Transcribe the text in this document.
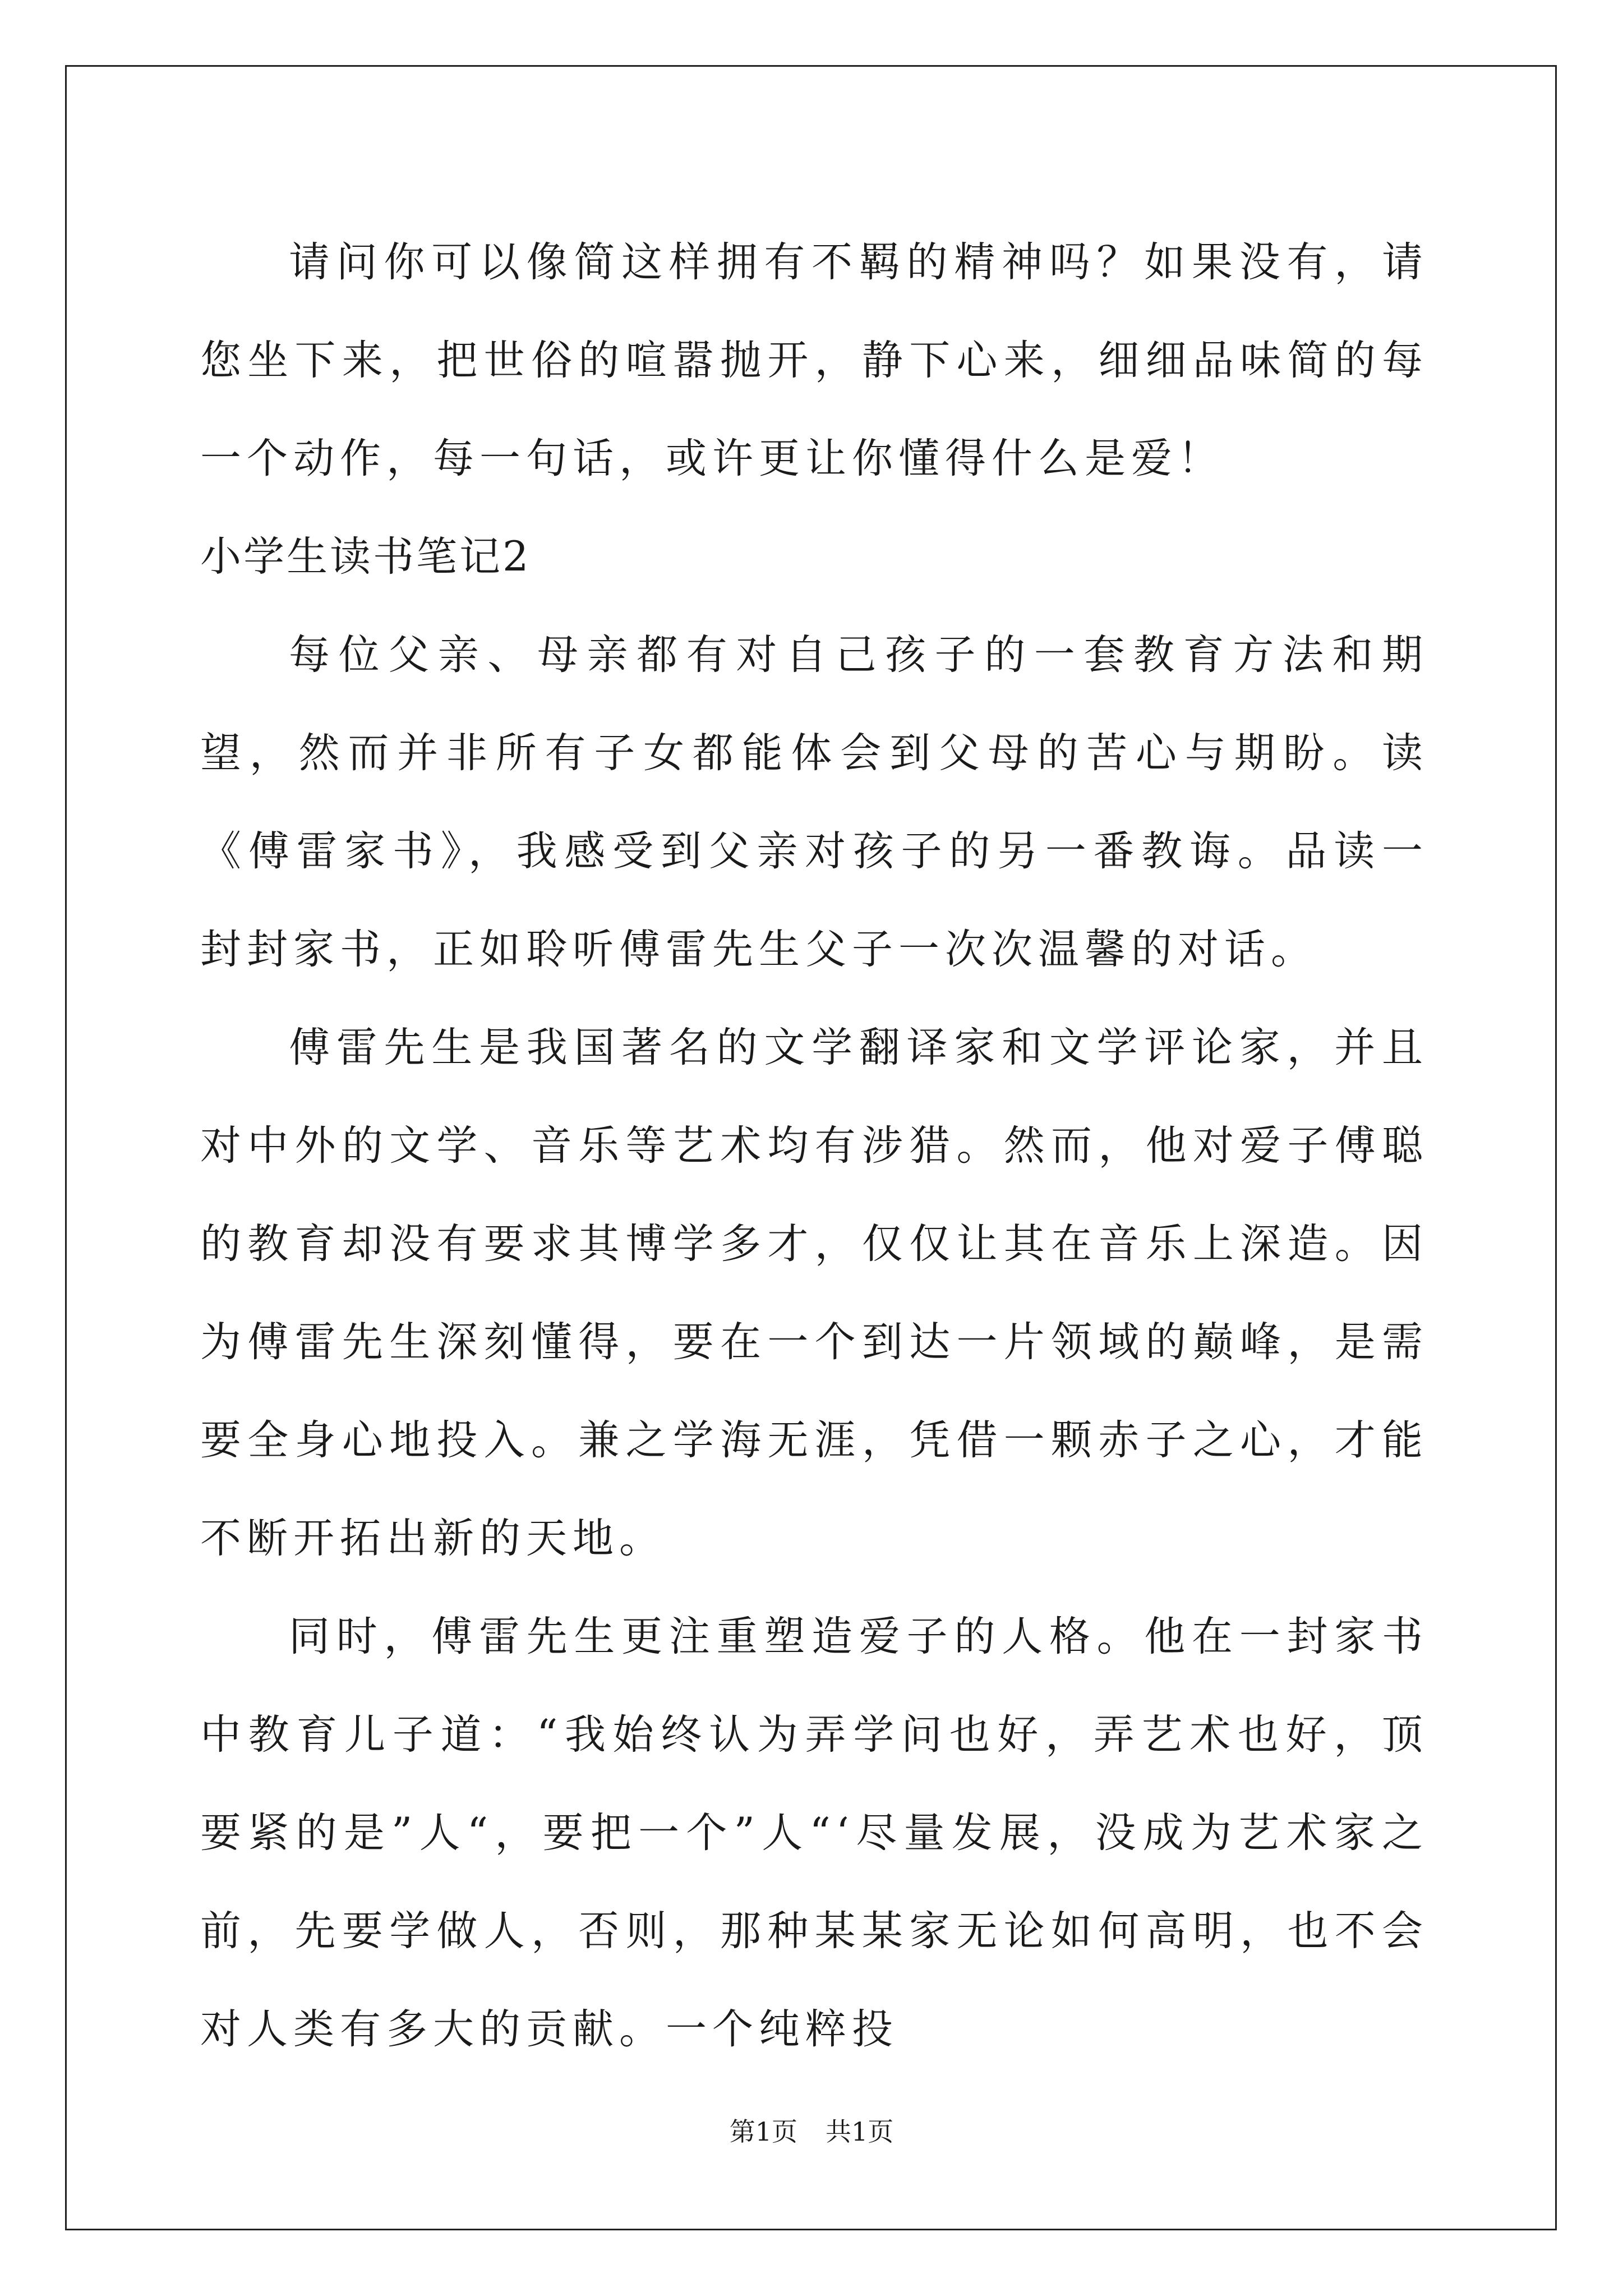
请问你可以像简这样拥有不羁的精神吗？如果没有，请您坐下来，把世俗的喧嚣抛开，静下心来，细细品味简的每一个动作，每一句话，或许更让你懂得什么是爱！

小学生读书笔记2

每位父亲、母亲都有对自己孩子的一套教育方法和期望，然而并非所有子女都能体会到父母的苦心与期盼。读《傅雷家书》，我感受到父亲对孩子的另一番教诲。品读一封封家书，正如聆听傅雷先生父子一次次温馨的对话。

傅雷先生是我国著名的文学翻译家和文学评论家，并且对中外的文学、音乐等艺术均有涉猎。然而，他对爱子傅聪的教育却没有要求其博学多才，仅仅让其在音乐上深造。因为傅雷先生深刻懂得，要在一个到达一片领域的巅峰，是需要全身心地投入。兼之学海无涯，凭借一颗赤子之心，才能不断开拓出新的天地。

同时，傅雷先生更注重塑造爱子的人格。他在一封家书中教育儿子道：“我始终认为弄学问也好，弄艺术也好，顶要紧的是”人“，要把一个”人“‘尽量发展，没成为艺术家之前，先要学做人，否则，那种某某家无论如何高明，也不会对人类有多大的贡献。一个纯粹投

第1页 共1页
